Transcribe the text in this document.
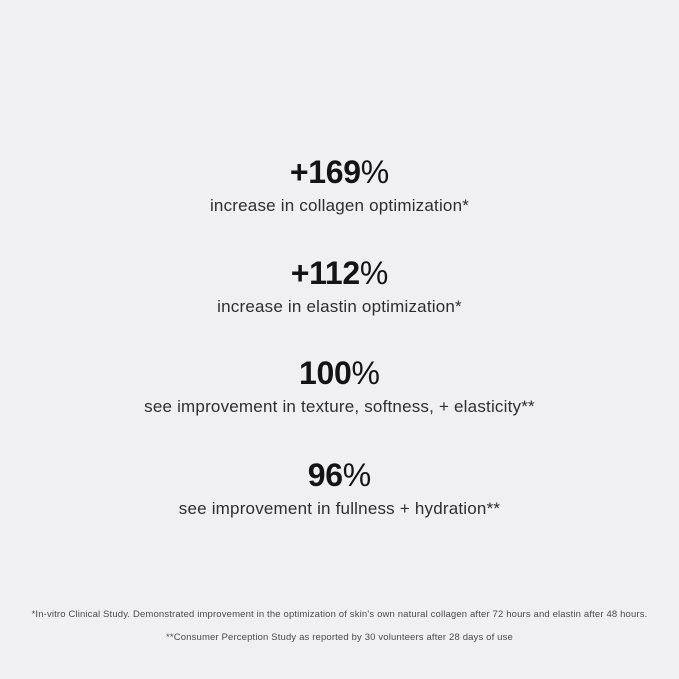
+169%
increase in collagen optimization*
+112%
increase in elastin optimization*
100%
see improvement in texture, softness, + elasticity**
96%
see improvement in fullness + hydration**

*In-vitro Clinical Study. Demonstrated improvement in the optimization of skin’s own natural collagen after 72 hours and elastin after 48 hours.

**Consumer Perception Study as reported by 30 volunteers after 28 days of use
